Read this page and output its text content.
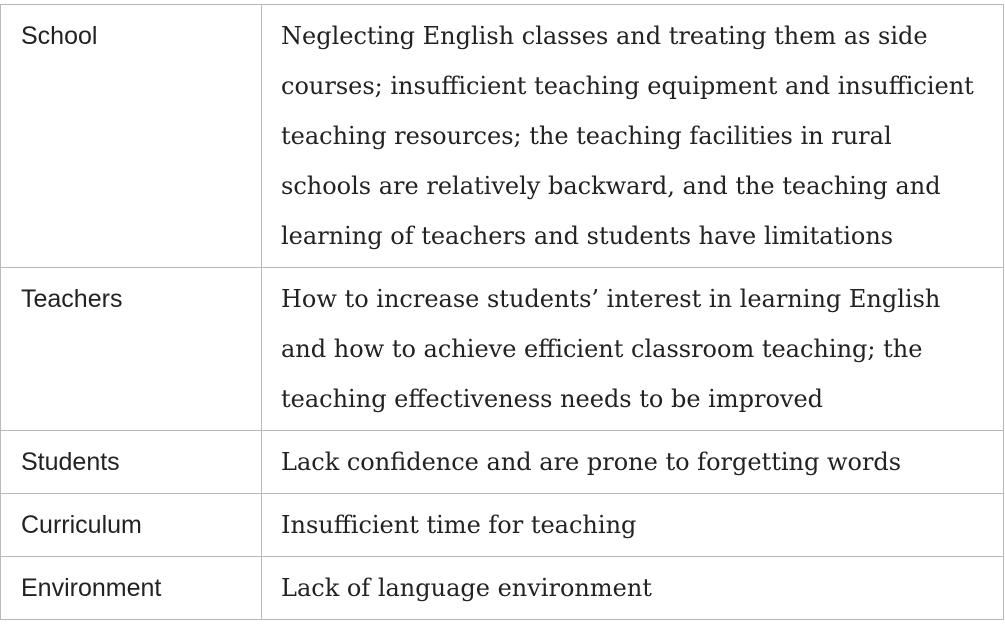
School	Neglecting English classes and treating them as side courses; insufficient teaching equipment and insufficient teaching resources; the teaching facilities in rural schools are relatively backward, and the teaching and learning of teachers and students have limitations
Teachers	How to increase students’ interest in learning English and how to achieve efficient classroom teaching; the teaching effectiveness needs to be improved
Students	Lack confidence and are prone to forgetting words
Curriculum	Insufficient time for teaching
Environment	Lack of language environment
